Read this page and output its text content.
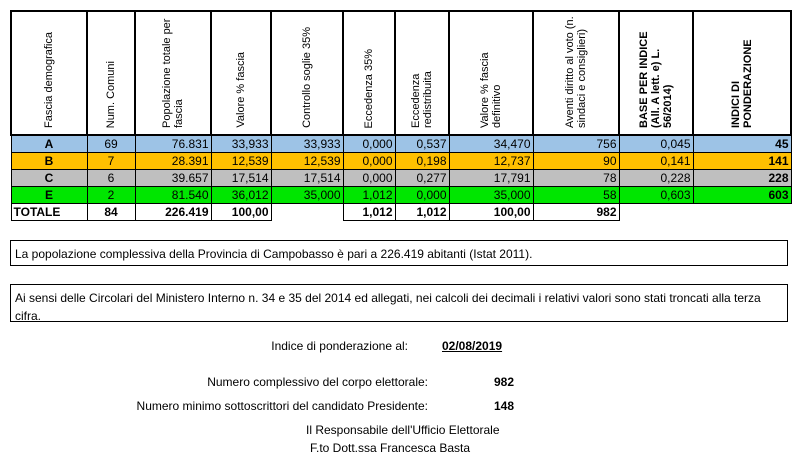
Fascia demografica	Num. Comuni	Popolazione totale per fascia	Valore % fascia	Controllo soglie 35%	Eccedenza 35%	Eccedenza redistribuita	Valore % fascia definitivo	Aventi diritto al voto (n. sindaci e consiglieri)	BASE PER INDICE (All. A lett. e) L. 56/2014)	INDICI DI PONDERAZIONE
A	69	76.831	33,933	33,933	0,000	0,537	34,470	756	0,045	45
B	7	28.391	12,539	12,539	0,000	0,198	12,737	90	0,141	141
C	6	39.657	17,514	17,514	0,000	0,277	17,791	78	0,228	228
E	2	81.540	36,012	35,000	1,012	0,000	35,000	58	0,603	603
TOTALE	84	226.419	100,00		1,012	1,012	100,00	982		
La popolazione complessiva della Provincia di Campobasso è pari a 226.419 abitanti (Istat 2011).
Ai sensi delle Circolari del Ministero Interno n. 34 e 35 del 2014 ed allegati, nei calcoli dei decimali i relativi valori sono stati troncati alla terza cifra.
Indice di ponderazione al:	02/08/2019
Numero complessivo del corpo elettorale:	982
Numero minimo sottoscrittori del candidato Presidente:	148
Il Responsabile dell'Ufficio Elettorale
F.to Dott.ssa Francesca Basta
